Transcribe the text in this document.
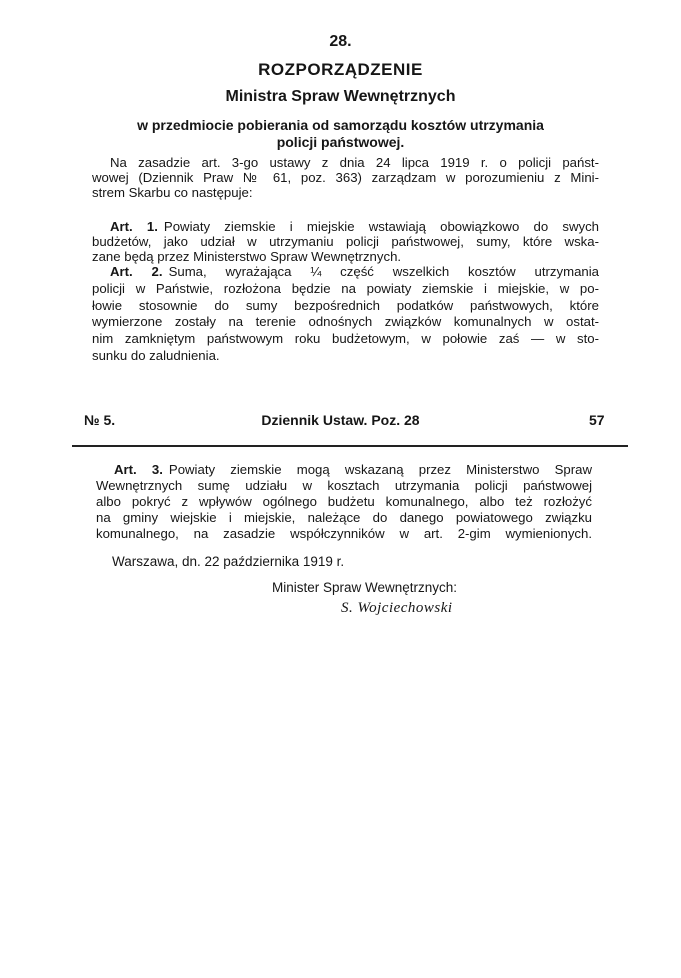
28.
ROZPORZĄDZENIE
Ministra Spraw Wewnętrznych
w przedmiocie pobierania od samorządu kosztów utrzymania
policji państwowej.
Na zasadzie art. 3-go ustawy z dnia 24 lipca 1919 r. o policji państ-
wowej (Dziennik Praw № 61, poz. 363) zarządzam w porozumieniu z Mini-
strem Skarbu co następuje:
Art. 1. Powiaty ziemskie i miejskie wstawiają obowiązkowo do swych
budżetów, jako udział w utrzymaniu policji państwowej, sumy, które wska-
zane będą przez Ministerstwo Spraw Wewnętrznych.
Art. 2. Suma, wyrażająca ¼ część wszelkich kosztów utrzymania
policji w Państwie, rozłożona będzie na powiaty ziemskie i miejskie, w po-
łowie stosownie do sumy bezpośrednich podatków państwowych, które
wymierzone zostały na terenie odnośnych związków komunalnych w ostat-
nim zamkniętym państwowym roku budżetowym, w połowie zaś — w sto-
sunku do zaludnienia.
№ 5.	Dziennik Ustaw. Poz. 28	57
Art. 3. Powiaty ziemskie mogą wskazaną przez Ministerstwo Spraw
Wewnętrznych sumę udziału w kosztach utrzymania policji państwowej
albo pokryć z wpływów ogólnego budżetu komunalnego, albo też rozłożyć
na gminy wiejskie i miejskie, należące do danego powiatowego związku
komunalnego, na zasadzie współczynników w art. 2-gim wymienionych.
Warszawa, dn. 22 października 1919 r.
Minister Spraw Wewnętrznych:
S. Wojciechowski
